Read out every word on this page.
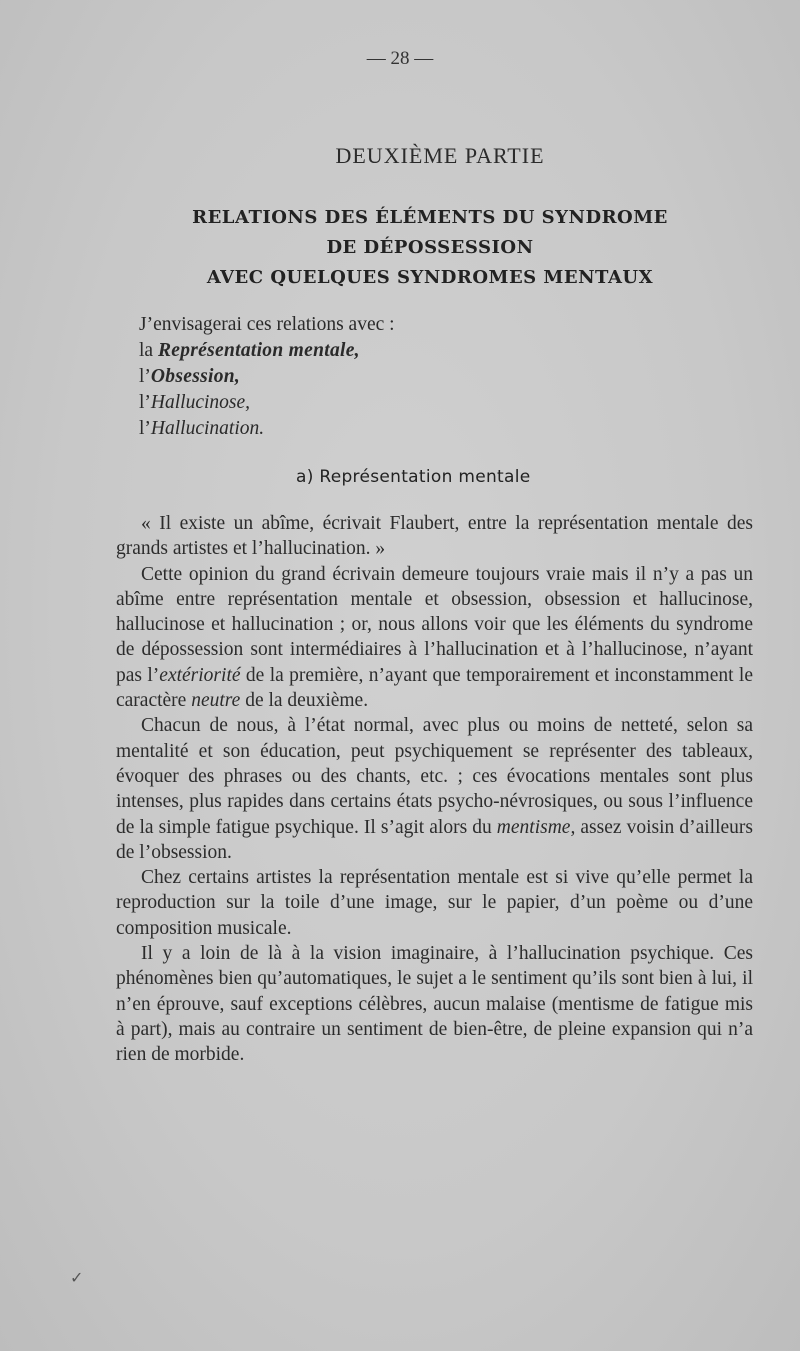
— 28 —
DEUXIÈME PARTIE
RELATIONS DES ÉLÉMENTS DU SYNDROME
DE DÉPOSSESSION
AVEC QUELQUES SYNDROMES MENTAUX
J’envisagerai ces relations avec :
la Représentation mentale,
l’Obsession,
l’Hallucinose,
l’Hallucination.
a) Représentation mentale

« Il existe un abîme, écrivait Flaubert, entre la représentation mentale des grands artistes et l’hallucination. »

Cette opinion du grand écrivain demeure toujours vraie mais il n’y a pas un abîme entre représentation mentale et obsession, obsession et hallucinose, hallucinose et hallucination ; or, nous allons voir que les éléments du syndrome de dépossession sont intermédiaires à l’hallucination et à l’hallucinose, n’ayant pas l’extériorité de la première, n’ayant que temporairement et inconstamment le caractère neutre de la deuxième.

Chacun de nous, à l’état normal, avec plus ou moins de netteté, selon sa mentalité et son éducation, peut psychiquement se représenter des tableaux, évoquer des phrases ou des chants, etc. ; ces évocations mentales sont plus intenses, plus rapides dans certains états psycho-névrosiques, ou sous l’influence de la simple fatigue psychique. Il s’agit alors du mentisme, assez voisin d’ailleurs de l’obsession.

Chez certains artistes la représentation mentale est si vive qu’elle permet la reproduction sur la toile d’une image, sur le papier, d’un poème ou d’une composition musicale.

Il y a loin de là à la vision imaginaire, à l’hallucination psychique. Ces phénomènes bien qu’automatiques, le sujet a le sentiment qu’ils sont bien à lui, il n’en éprouve, sauf exceptions célèbres, aucun malaise (mentisme de fatigue mis à part), mais au contraire un sentiment de bien-être, de pleine expansion qui n’a rien de morbide.

✓
